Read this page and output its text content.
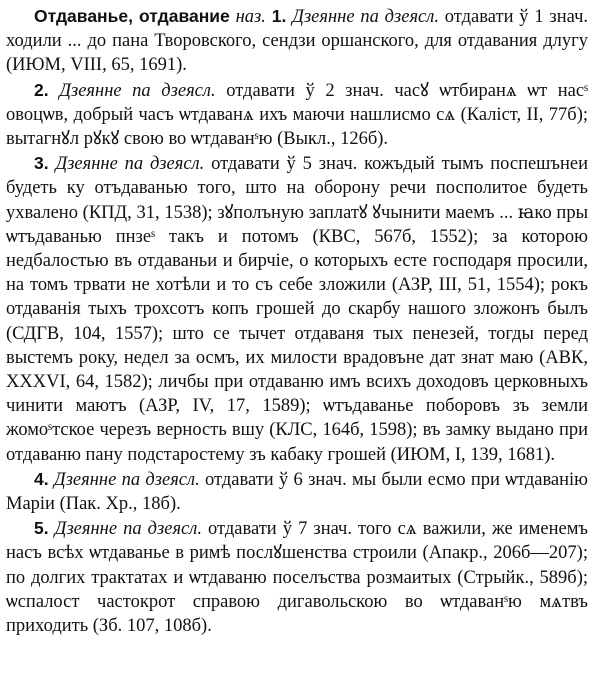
Отдаванье, отдавание наз. 1. Дзеянне па дзеясл. отдавати ў 1 знач. ходили ... до пана Творовского, сендзи оршанского, для отдавания длугу (ИЮМ, VIII, 65, 1691).

2. Дзеянне па дзеясл. отдавати ў 2 знач. часꙋ ѡтбиранѧ ѡт насˢ овоцѡв, добрый часъ ѡтдаванѧ ихъ маючи нашлисмо сѧ (Каліст, II, 77б); вытагнꙋл рꙋкꙋ свою во ѡтдаванˢю (Выкл., 126б).

3. Дзеянне па дзеясл. отдавати ў 5 знач. кожъдый тымъ поспешънеи будеть ку отъдаванью того, што на оборону речи посполитое будеть ухвалено (КПД, 31, 1538); зꙋполъную заплатꙋ ꙋчынити маемъ ... ꙗко пры ѡтъдаванью пнзеˢ такъ и потомъ (КВС, 567б, 1552); за которою недбалостью въ отдаваньи и бирчіе, о которыхъ есте господаря просили, на томъ трвати не хотѣли и то съ себе зложили (АЗР, III, 51, 1554); рокъ отдаванія тыхъ трохсотъ копъ грошей до скарбу нашого зложонъ былъ (СДГВ, 104, 1557); што се тычет отдаваня тых пенезей, тогды перед выстемъ року, недел за осмъ, их милости врадовъне дат знат маю (АВК, XXXVI, 64, 1582); личбы при отдаваню имъ всихъ доходовъ церковныхъ чинити маютъ (АЗР, IV, 17, 1589); ѡтъдаванье поборовъ зъ земли жомоˢтское черезъ верность вшу (КЛС, 164б, 1598); въ замку выдано при отдаваню пану подстаростему зъ кабаку грошей (ИЮМ, I, 139, 1681).

4. Дзеянне па дзеясл. отдавати ў 6 знач. мы были есмо при ѡтдаванію Маріи (Пак. Хр., 18б).

5. Дзеянне па дзеясл. отдавати ў 7 знач. того сѧ важили, же именемъ насъ всѣх ѡтдаванье в римѣ послꙋшенства строили (Апакр., 206б—207); по долгих трактатах и ѡтдаваню поселъства розмаитых (Стрыйк., 589б); ѡспалост частокрот справою дигавольскою во ѡтдаванˢю мѧтвъ приходить (Зб. 107, 108б).
